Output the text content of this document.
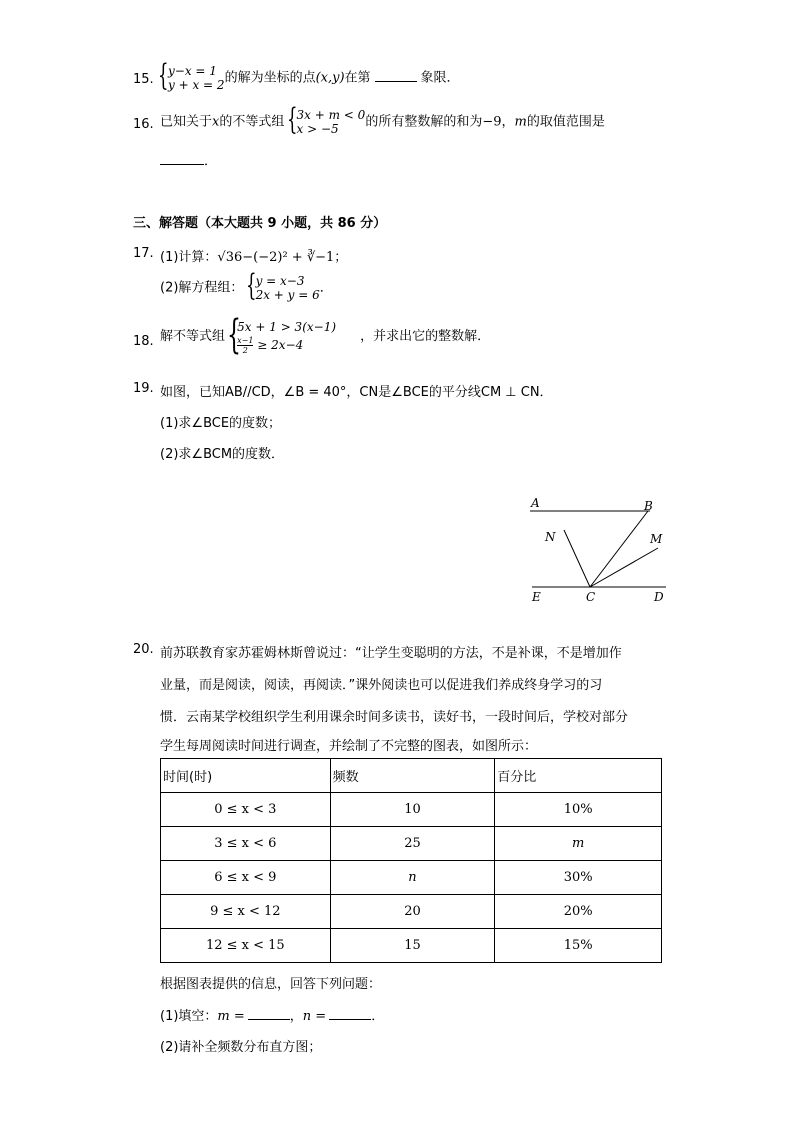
15. { y−x = 1
y + x = 2 的解为坐标的点(x,y)在第	象限．
16. 已知关于x的不等式组 { 3x + m < 0
x > −5	的所有整数解的和为−9，m的取值范围是
．
三、解答题（本大题共 9 小题，共 86 分）
17. (1)计算：√36−(−2)² + ∛−1；
(2)解方程组： { y = x−3
2x + y = 6 ．
18. 解不等式组 {
5x + 1 > 3(x−1)
$\frac{x-1}{2} \ge 2x-4$
，并求出它的整数解．
19. 如图，已知AB//CD，∠B = 40°，CN是∠BCE的平分线CM ⊥ CN．
(1)求∠BCE的度数；
(2)求∠BCM的度数．
A	B
N	M
E	C	D
20. 前苏联教育家苏霍姆林斯曾说过：“让学生变聪明的方法，不是补课，不是增加作
业量，而是阅读，阅读，再阅读．”课外阅读也可以促进我们养成终身学习的习
惯．云南某学校组织学生利用课余时间多读书，读好书，一段时间后，学校对部分
学生每周阅读时间进行调查，并绘制了不完整的图表，如图所示：
时间(时)	频数	百分比
0 ≤ x < 3	10	10%
3 ≤ x < 6	25	m
6 ≤ x < 9	n	30%
9 ≤ x < 12	20	20%
12 ≤ x < 15	15	15%
根据图表提供的信息，回答下列问题：
(1)填空：m =	，n =	．
(2)请补全频数分布直方图；
